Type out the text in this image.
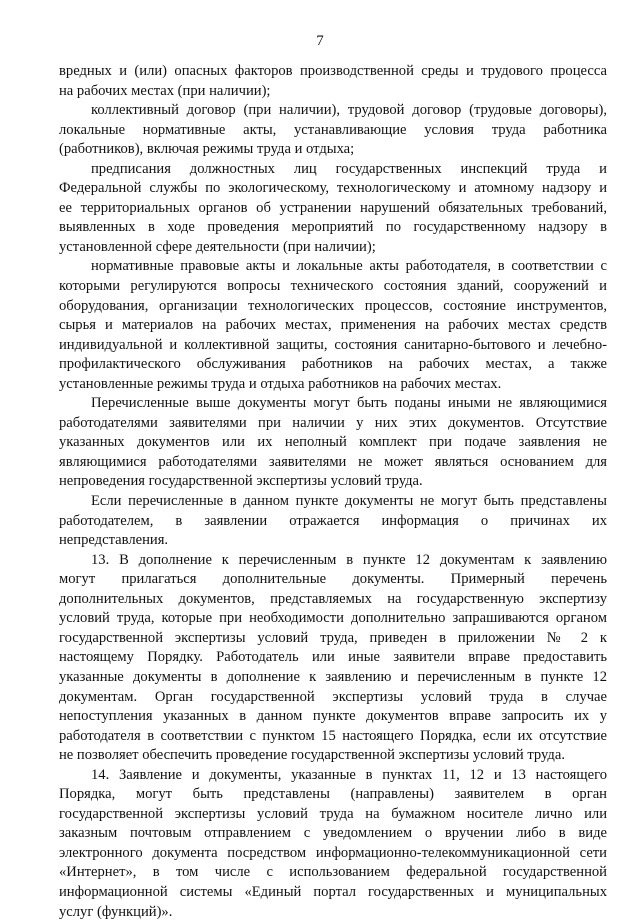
7
вредных и (или) опасных факторов производственной среды и трудового процесса
на рабочих местах (при наличии);
коллективный договор (при наличии), трудовой договор (трудовые договоры),
локальные нормативные акты, устанавливающие условия труда работника
(работников), включая режимы труда и отдыха;
предписания должностных лиц государственных инспекций труда и
Федеральной службы по экологическому, технологическому и атомному надзору и
ее территориальных органов об устранении нарушений обязательных требований,
выявленных в ходе проведения мероприятий по государственному надзору в
установленной сфере деятельности (при наличии);
нормативные правовые акты и локальные акты работодателя, в соответствии с
которыми регулируются вопросы технического состояния зданий, сооружений и
оборудования, организации технологических процессов, состояние инструментов,
сырья и материалов на рабочих местах, применения на рабочих местах средств
индивидуальной и коллективной защиты, состояния санитарно-бытового и лечебно-
профилактического обслуживания работников на рабочих местах, а также
установленные режимы труда и отдыха работников на рабочих местах.
Перечисленные выше документы могут быть поданы иными не являющимися
работодателями заявителями при наличии у них этих документов. Отсутствие
указанных документов или их неполный комплект при подаче заявления не
являющимися работодателями заявителями не может являться основанием для
непроведения государственной экспертизы условий труда.
Если перечисленные в данном пункте документы не могут быть представлены
работодателем, в заявлении отражается информация о причинах их
непредставления.
13. В дополнение к перечисленным в пункте 12 документам к заявлению
могут прилагаться дополнительные документы. Примерный перечень
дополнительных документов, представляемых на государственную экспертизу
условий труда, которые при необходимости дополнительно запрашиваются органом
государственной экспертизы условий труда, приведен в приложении № 2 к
настоящему Порядку. Работодатель или иные заявители вправе предоставить
указанные документы в дополнение к заявлению и перечисленным в пункте 12
документам. Орган государственной экспертизы условий труда в случае
непоступления указанных в данном пункте документов вправе запросить их у
работодателя в соответствии с пунктом 15 настоящего Порядка, если их отсутствие
не позволяет обеспечить проведение государственной экспертизы условий труда.
14. Заявление и документы, указанные в пунктах 11, 12 и 13 настоящего
Порядка, могут быть представлены (направлены) заявителем в орган
государственной экспертизы условий труда на бумажном носителе лично или
заказным почтовым отправлением с уведомлением о вручении либо в виде
электронного документа посредством информационно-телекоммуникационной сети
«Интернет», в том числе с использованием федеральной государственной
информационной системы «Единый портал государственных и муниципальных
услуг (функций)».
